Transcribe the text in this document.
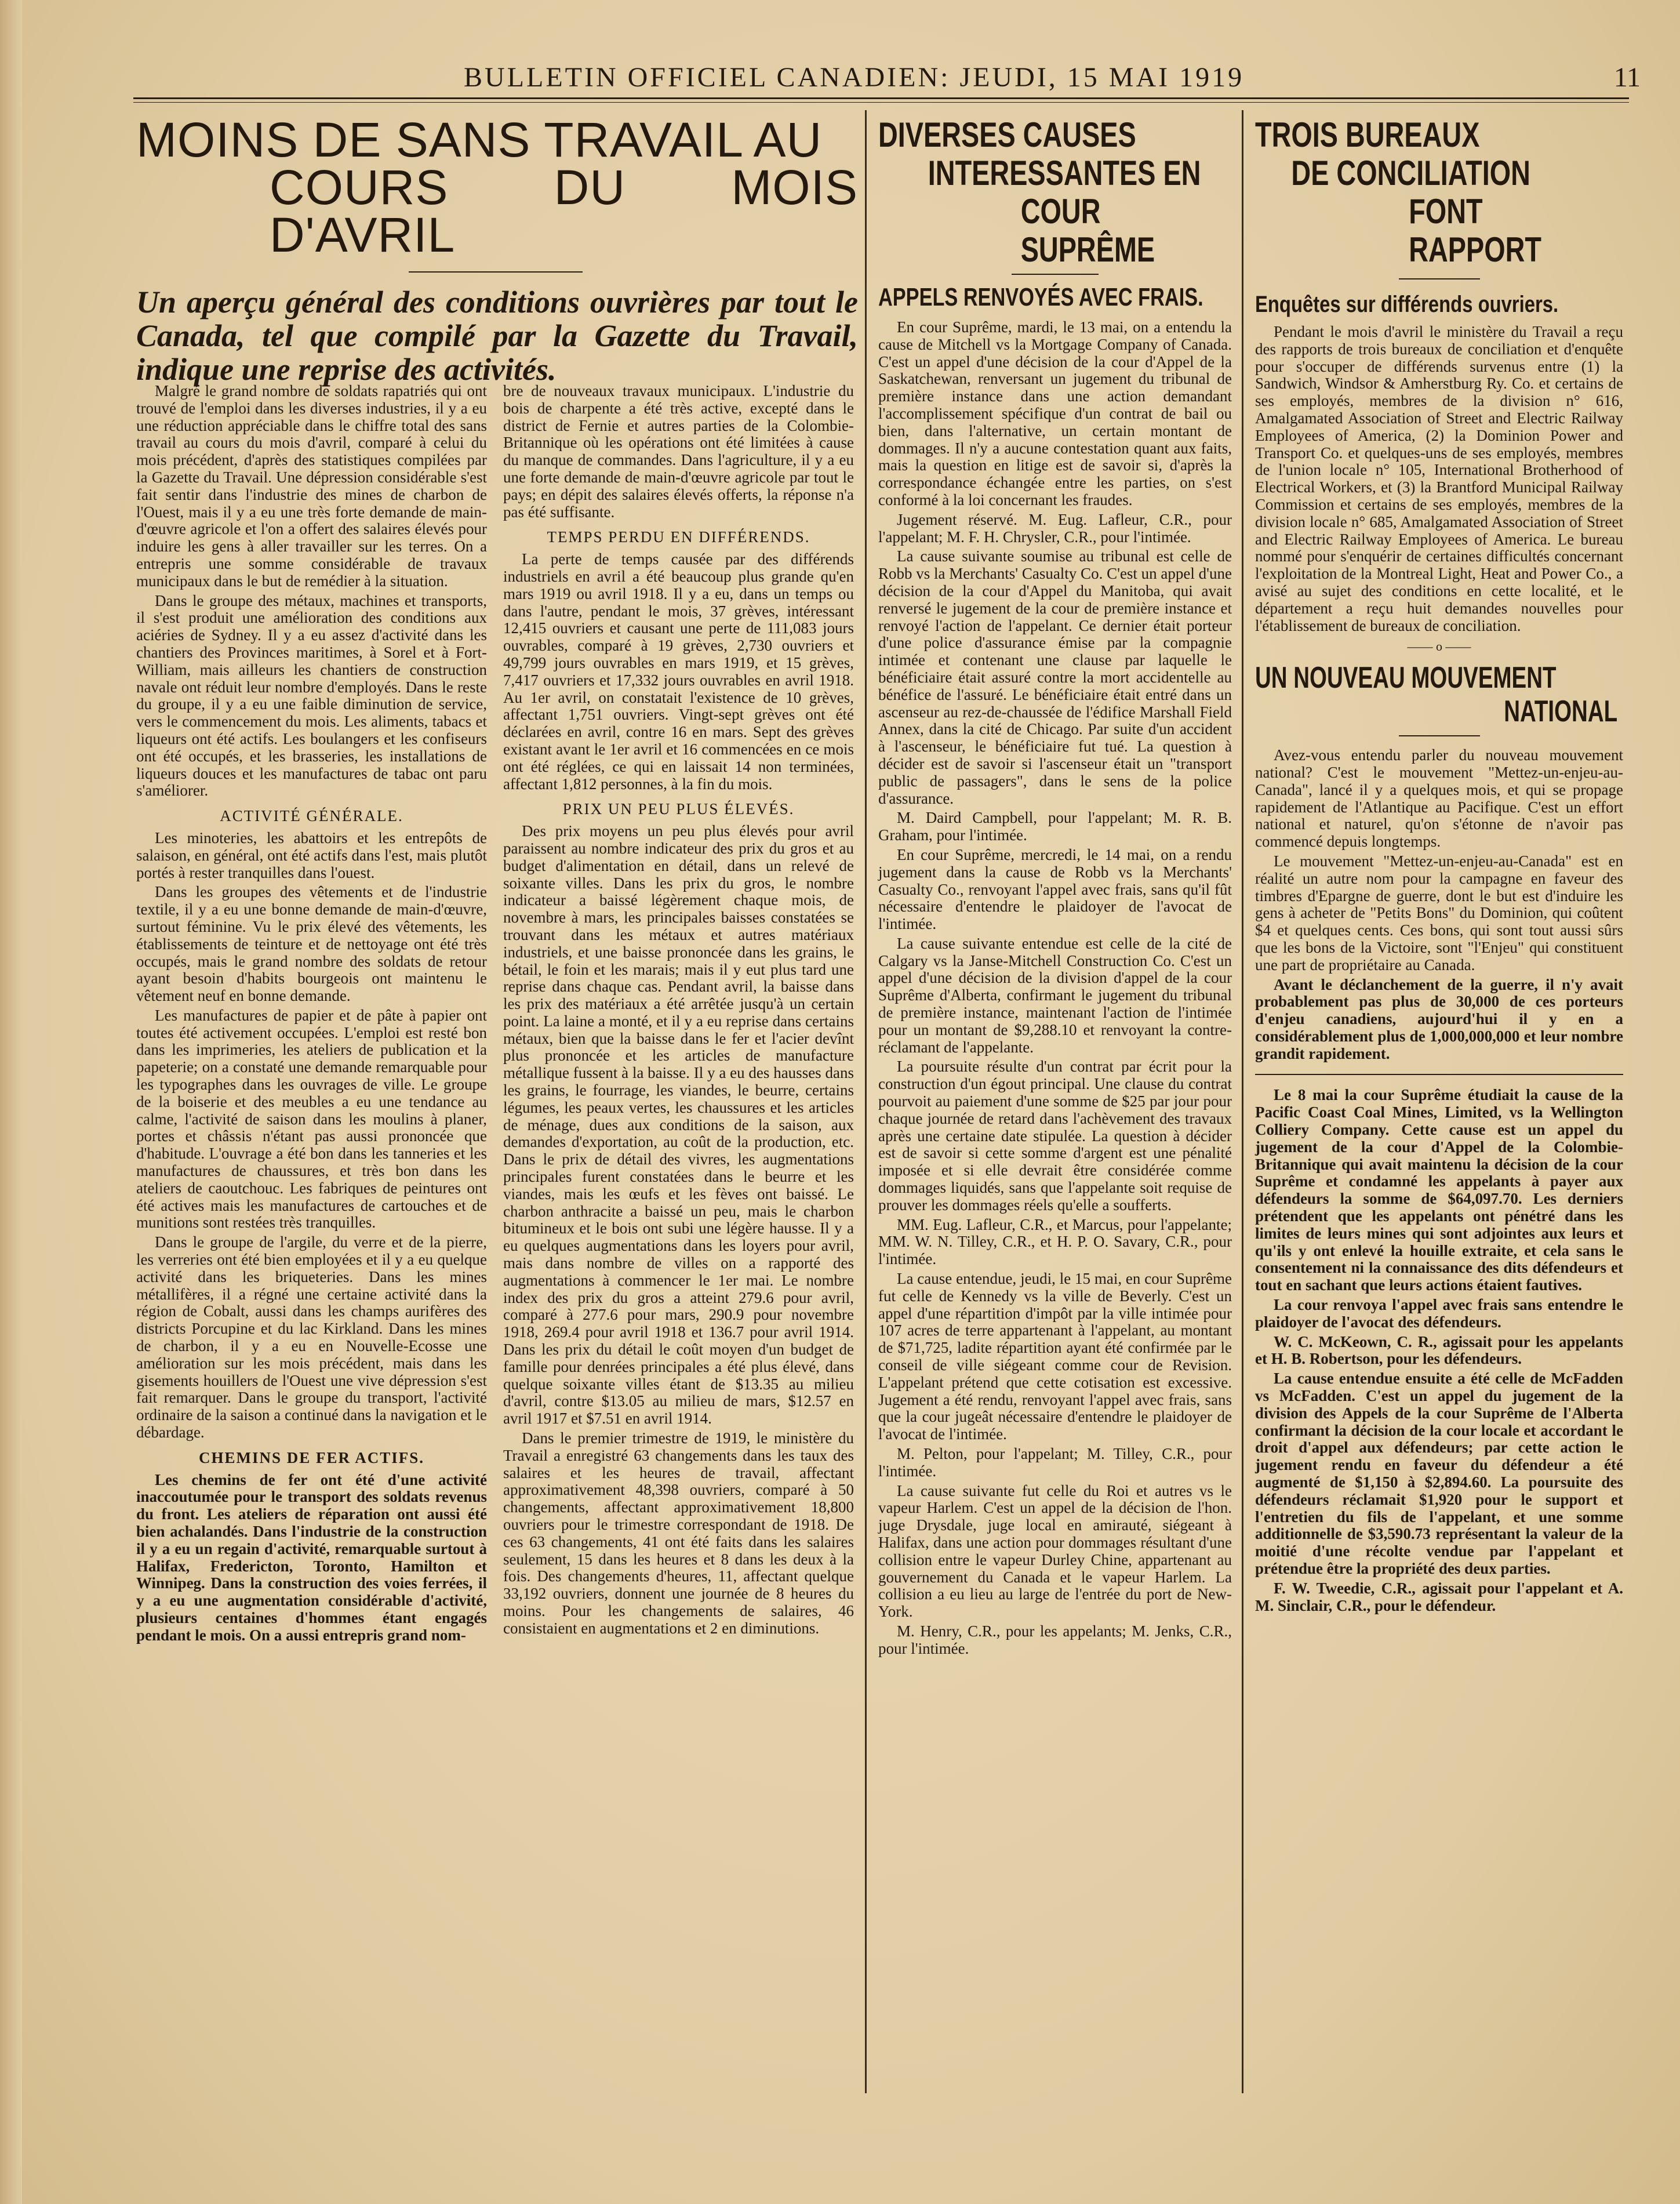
BULLETIN OFFICIEL CANADIEN: JEUDI, 15 MAI 1919	11
MOINS DE SANS TRAVAIL AU
COURS DU MOIS D'AVRIL
Un aperçu général des conditions ouvrières par tout le Canada, tel que compilé par la Gazette du Travail, indique une reprise des activités.

Malgré le grand nombre de soldats rapatriés qui ont trouvé de l'emploi dans les diverses industries, il y a eu une réduction appréciable dans le chiffre total des sans travail au cours du mois d'avril, comparé à celui du mois précédent, d'après des statistiques compilées par la Gazette du Travail. Une dépression considérable s'est fait sentir dans l'industrie des mines de charbon de l'Ouest, mais il y a eu une très forte demande de main-d'œuvre agricole et l'on a offert des salaires élevés pour induire les gens à aller travailler sur les terres. On a entrepris une somme considérable de travaux municipaux dans le but de remédier à la situation.

Dans le groupe des métaux, machines et transports, il s'est produit une amélioration des conditions aux aciéries de Sydney. Il y a eu assez d'activité dans les chantiers des Provinces maritimes, à Sorel et à Fort-William, mais ailleurs les chantiers de construction navale ont réduit leur nombre d'employés. Dans le reste du groupe, il y a eu une faible diminution de service, vers le commencement du mois. Les aliments, tabacs et liqueurs ont été actifs. Les boulangers et les confiseurs ont été occupés, et les brasseries, les installations de liqueurs douces et les manufactures de tabac ont paru s'améliorer.

ACTIVITÉ GÉNÉRALE.

Les minoteries, les abattoirs et les entrepôts de salaison, en général, ont été actifs dans l'est, mais plutôt portés à rester tranquilles dans l'ouest.

Dans les groupes des vêtements et de l'industrie textile, il y a eu une bonne demande de main-d'œuvre, surtout féminine. Vu le prix élevé des vêtements, les établissements de teinture et de nettoyage ont été très occupés, mais le grand nombre des soldats de retour ayant besoin d'habits bourgeois ont maintenu le vêtement neuf en bonne demande.

Les manufactures de papier et de pâte à papier ont toutes été activement occupées. L'emploi est resté bon dans les imprimeries, les ateliers de publication et la papeterie; on a constaté une demande remarquable pour les typographes dans les ouvrages de ville. Le groupe de la boiserie et des meubles a eu une tendance au calme, l'activité de saison dans les moulins à planer, portes et châssis n'étant pas aussi prononcée que d'habitude. L'ouvrage a été bon dans les tanneries et les manufactures de chaussures, et très bon dans les ateliers de caoutchouc. Les fabriques de peintures ont été actives mais les manufactures de cartouches et de munitions sont restées très tranquilles.

Dans le groupe de l'argile, du verre et de la pierre, les verreries ont été bien employées et il y a eu quelque activité dans les briqueteries. Dans les mines métallifères, il a régné une certaine activité dans la région de Cobalt, aussi dans les champs aurifères des districts Porcupine et du lac Kirkland. Dans les mines de charbon, il y a eu en Nouvelle-Ecosse une amélioration sur les mois précédent, mais dans les gisements houillers de l'Ouest une vive dépression s'est fait remarquer. Dans le groupe du transport, l'activité ordinaire de la saison a continué dans la navigation et le débardage.

CHEMINS DE FER ACTIFS.

Les chemins de fer ont été d'une activité inaccoutumée pour le transport des soldats revenus du front. Les ateliers de réparation ont aussi été bien achalandés. Dans l'industrie de la construction il y a eu un regain d'activité, remarquable surtout à Halifax, Fredericton, Toronto, Hamilton et Winnipeg. Dans la construction des voies ferrées, il y a eu une augmentation considérable d'activité, plusieurs centaines d'hommes étant engagés pendant le mois. On a aussi entrepris grand nom-

bre de nouveaux travaux municipaux. L'industrie du bois de charpente a été très active, excepté dans le district de Fernie et autres parties de la Colombie-Britannique où les opérations ont été limitées à cause du manque de commandes. Dans l'agriculture, il y a eu une forte demande de main-d'œuvre agricole par tout le pays; en dépit des salaires élevés offerts, la réponse n'a pas été suffisante.

TEMPS PERDU EN DIFFÉRENDS.

La perte de temps causée par des différends industriels en avril a été beaucoup plus grande qu'en mars 1919 ou avril 1918. Il y a eu, dans un temps ou dans l'autre, pendant le mois, 37 grèves, intéressant 12,415 ouvriers et causant une perte de 111,083 jours ouvrables, comparé à 19 grèves, 2,730 ouvriers et 49,799 jours ouvrables en mars 1919, et 15 grèves, 7,417 ouvriers et 17,332 jours ouvrables en avril 1918. Au 1er avril, on constatait l'existence de 10 grèves, affectant 1,751 ouvriers. Vingt-sept grèves ont été déclarées en avril, contre 16 en mars. Sept des grèves existant avant le 1er avril et 16 commencées en ce mois ont été réglées, ce qui en laissait 14 non terminées, affectant 1,812 personnes, à la fin du mois.

PRIX UN PEU PLUS ÉLEVÉS.

Des prix moyens un peu plus élevés pour avril paraissent au nombre indicateur des prix du gros et au budget d'alimentation en détail, dans un relevé de soixante villes. Dans les prix du gros, le nombre indicateur a baissé légèrement chaque mois, de novembre à mars, les principales baisses constatées se trouvant dans les métaux et autres matériaux industriels, et une baisse prononcée dans les grains, le bétail, le foin et les marais; mais il y eut plus tard une reprise dans chaque cas. Pendant avril, la baisse dans les prix des matériaux a été arrêtée jusqu'à un certain point. La laine a monté, et il y a eu reprise dans certains métaux, bien que la baisse dans le fer et l'acier devînt plus prononcée et les articles de manufacture métallique fussent à la baisse. Il y a eu des hausses dans les grains, le fourrage, les viandes, le beurre, certains légumes, les peaux vertes, les chaussures et les articles de ménage, dues aux conditions de la saison, aux demandes d'exportation, au coût de la production, etc. Dans le prix de détail des vivres, les augmentations principales furent constatées dans le beurre et les viandes, mais les œufs et les fèves ont baissé. Le charbon anthracite a baissé un peu, mais le charbon bitumineux et le bois ont subi une légère hausse. Il y a eu quelques augmentations dans les loyers pour avril, mais dans nombre de villes on a rapporté des augmentations à commencer le 1er mai. Le nombre index des prix du gros a atteint 279.6 pour avril, comparé à 277.6 pour mars, 290.9 pour novembre 1918, 269.4 pour avril 1918 et 136.7 pour avril 1914. Dans les prix du détail le coût moyen d'un budget de famille pour denrées principales a été plus élevé, dans quelque soixante villes étant de $13.35 au milieu d'avril, contre $13.05 au milieu de mars, $12.57 en avril 1917 et $7.51 en avril 1914.

Dans le premier trimestre de 1919, le ministère du Travail a enregistré 63 changements dans les taux des salaires et les heures de travail, affectant approximativement 48,398 ouvriers, comparé à 50 changements, affectant approximativement 18,800 ouvriers pour le trimestre correspondant de 1918. De ces 63 changements, 41 ont été faits dans les salaires seulement, 15 dans les heures et 8 dans les deux à la fois. Des changements d'heures, 11, affectant quelque 33,192 ouvriers, donnent une journée de 8 heures du moins. Pour les changements de salaires, 46 consistaient en augmentations et 2 en diminutions.

DIVERSES CAUSES
INTERESSANTES EN
COUR SUPRÊME
APPELS RENVOYÉS AVEC FRAIS.

En cour Suprême, mardi, le 13 mai, on a entendu la cause de Mitchell vs la Mortgage Company of Canada. C'est un appel d'une décision de la cour d'Appel de la Saskatchewan, renversant un jugement du tribunal de première instance dans une action demandant l'accomplissement spécifique d'un contrat de bail ou bien, dans l'alternative, un certain montant de dommages. Il n'y a aucune contestation quant aux faits, mais la question en litige est de savoir si, d'après la correspondance échangée entre les parties, on s'est conformé à la loi concernant les fraudes.

Jugement réservé. M. Eug. Lafleur, C.R., pour l'appelant; M. F. H. Chrysler, C.R., pour l'intimée.

La cause suivante soumise au tribunal est celle de Robb vs la Merchants' Casualty Co. C'est un appel d'une décision de la cour d'Appel du Manitoba, qui avait renversé le jugement de la cour de première instance et renvoyé l'action de l'appelant. Ce dernier était porteur d'une police d'assurance émise par la compagnie intimée et contenant une clause par laquelle le bénéficiaire était assuré contre la mort accidentelle au bénéfice de l'assuré. Le bénéficiaire était entré dans un ascenseur au rez-de-chaussée de l'édifice Marshall Field Annex, dans la cité de Chicago. Par suite d'un accident à l'ascenseur, le bénéficiaire fut tué. La question à décider est de savoir si l'ascenseur était un "transport public de passagers", dans le sens de la police d'assurance.

M. Daird Campbell, pour l'appelant; M. R. B. Graham, pour l'intimée.

En cour Suprême, mercredi, le 14 mai, on a rendu jugement dans la cause de Robb vs la Merchants' Casualty Co., renvoyant l'appel avec frais, sans qu'il fût nécessaire d'entendre le plaidoyer de l'avocat de l'intimée.

La cause suivante entendue est celle de la cité de Calgary vs la Janse-Mitchell Construction Co. C'est un appel d'une décision de la division d'appel de la cour Suprême d'Alberta, confirmant le jugement du tribunal de première instance, maintenant l'action de l'intimée pour un montant de $9,288.10 et renvoyant la contre-réclamant de l'appelante.

La poursuite résulte d'un contrat par écrit pour la construction d'un égout principal. Une clause du contrat pourvoit au paiement d'une somme de $25 par jour pour chaque journée de retard dans l'achèvement des travaux après une certaine date stipulée. La question à décider est de savoir si cette somme d'argent est une pénalité imposée et si elle devrait être considérée comme dommages liquidés, sans que l'appelante soit requise de prouver les dommages réels qu'elle a soufferts.

MM. Eug. Lafleur, C.R., et Marcus, pour l'appelante; MM. W. N. Tilley, C.R., et H. P. O. Savary, C.R., pour l'intimée.

La cause entendue, jeudi, le 15 mai, en cour Suprême fut celle de Kennedy vs la ville de Beverly. C'est un appel d'une répartition d'impôt par la ville intimée pour 107 acres de terre appartenant à l'appelant, au montant de $71,725, ladite répartition ayant été confirmée par le conseil de ville siégeant comme cour de Revision. L'appelant prétend que cette cotisation est excessive. Jugement a été rendu, renvoyant l'appel avec frais, sans que la cour jugeât nécessaire d'entendre le plaidoyer de l'avocat de l'intimée.

M. Pelton, pour l'appelant; M. Tilley, C.R., pour l'intimée.

La cause suivante fut celle du Roi et autres vs le vapeur Harlem. C'est un appel de la décision de l'hon. juge Drysdale, juge local en amirauté, siégeant à Halifax, dans une action pour dommages résultant d'une collision entre le vapeur Durley Chine, appartenant au gouvernement du Canada et le vapeur Harlem. La collision a eu lieu au large de l'entrée du port de New-York.

M. Henry, C.R., pour les appelants; M. Jenks, C.R., pour l'intimée.

TROIS BUREAUX
DE CONCILIATION
FONT RAPPORT
Enquêtes sur différends ouvriers.

Pendant le mois d'avril le ministère du Travail a reçu des rapports de trois bureaux de conciliation et d'enquête pour s'occuper de différends survenus entre (1) la Sandwich, Windsor & Amherstburg Ry. Co. et certains de ses employés, membres de la division n° 616, Amalgamated Association of Street and Electric Railway Employees of America, (2) la Dominion Power and Transport Co. et quelques-uns de ses employés, membres de l'union locale n° 105, International Brotherhood of Electrical Workers, et (3) la Brantford Municipal Railway Commission et certains de ses employés, membres de la division locale n° 685, Amalgamated Association of Street and Electric Railway Employees of America. Le bureau nommé pour s'enquérir de certaines difficultés concernant l'exploitation de la Montreal Light, Heat and Power Co., a avisé au sujet des conditions en cette localité, et le département a reçu huit demandes nouvelles pour l'établissement de bureaux de conciliation.

—— o ——
UN NOUVEAU MOUVEMENT
NATIONAL

Avez-vous entendu parler du nouveau mouvement national? C'est le mouvement "Mettez-un-enjeu-au-Canada", lancé il y a quelques mois, et qui se propage rapidement de l'Atlantique au Pacifique. C'est un effort national et naturel, qu'on s'étonne de n'avoir pas commencé depuis longtemps.

Le mouvement "Mettez-un-enjeu-au-Canada" est en réalité un autre nom pour la campagne en faveur des timbres d'Epargne de guerre, dont le but est d'induire les gens à acheter de "Petits Bons" du Dominion, qui coûtent $4 et quelques cents. Ces bons, qui sont tout aussi sûrs que les bons de la Victoire, sont "l'Enjeu" qui constituent une part de propriétaire au Canada.

Avant le déclanchement de la guerre, il n'y avait probablement pas plus de 30,000 de ces porteurs d'enjeu canadiens, aujourd'hui il y en a considérablement plus de 1,000,000,000 et leur nombre grandit rapidement.

Le 8 mai la cour Suprême étudiait la cause de la Pacific Coast Coal Mines, Limited, vs la Wellington Colliery Company. Cette cause est un appel du jugement de la cour d'Appel de la Colombie-Britannique qui avait maintenu la décision de la cour Suprême et condamné les appelants à payer aux défendeurs la somme de $64,097.70. Les derniers prétendent que les appelants ont pénétré dans les limites de leurs mines qui sont adjointes aux leurs et qu'ils y ont enlevé la houille extraite, et cela sans le consentement ni la connaissance des dits défendeurs et tout en sachant que leurs actions étaient fautives.

La cour renvoya l'appel avec frais sans entendre le plaidoyer de l'avocat des défendeurs.

W. C. McKeown, C. R., agissait pour les appelants et H. B. Robertson, pour les défendeurs.

La cause entendue ensuite a été celle de McFadden vs McFadden. C'est un appel du jugement de la division des Appels de la cour Suprême de l'Alberta confirmant la décision de la cour locale et accordant le droit d'appel aux défendeurs; par cette action le jugement rendu en faveur du défendeur a été augmenté de $1,150 à $2,894.60. La poursuite des défendeurs réclamait $1,920 pour le support et l'entretien du fils de l'appelant, et une somme additionnelle de $3,590.73 représentant la valeur de la moitié d'une récolte vendue par l'appelant et prétendue être la propriété des deux parties.

F. W. Tweedie, C.R., agissait pour l'appelant et A. M. Sinclair, C.R., pour le défendeur.
